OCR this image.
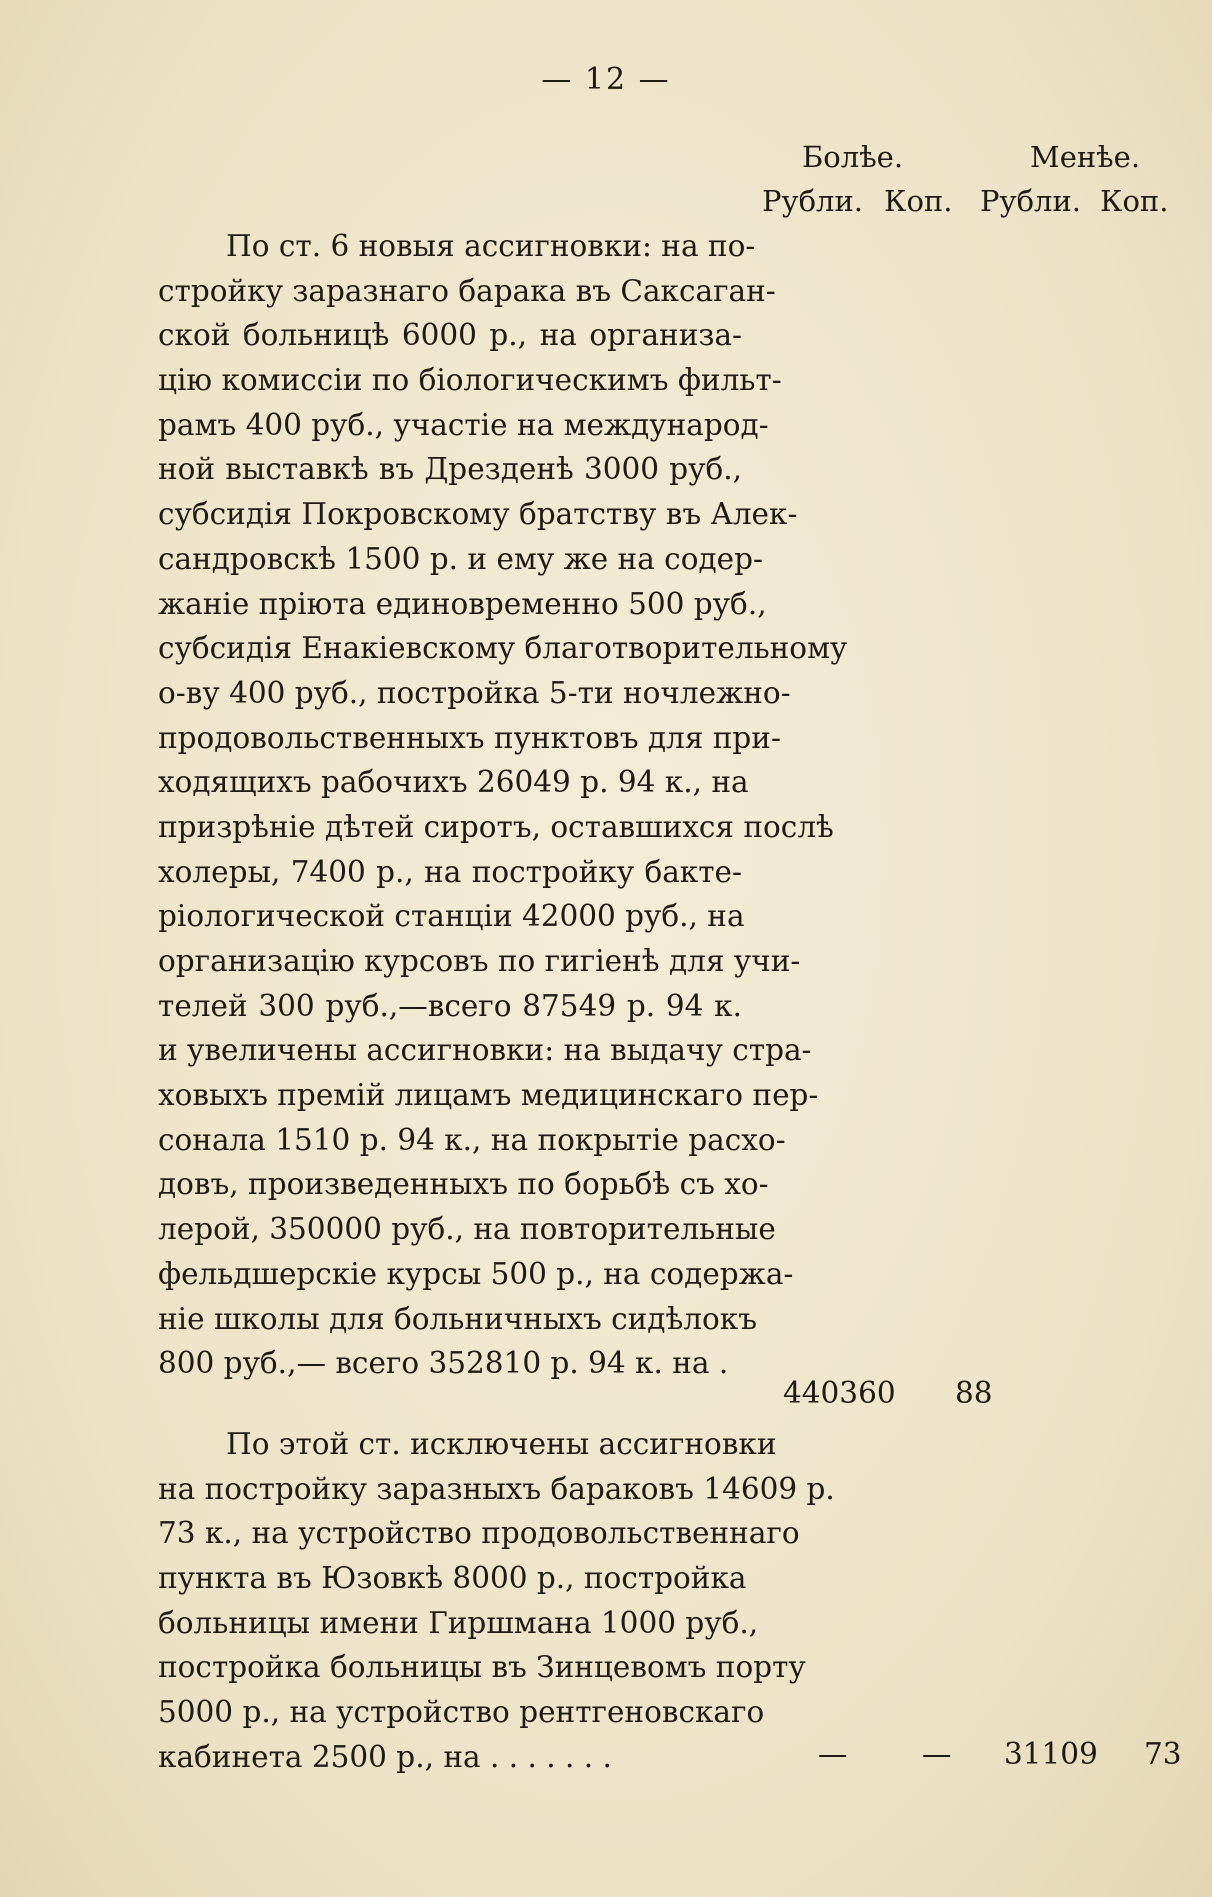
— 12 —
Болѣе.	Менѣе.
Рубли. Коп. Рубли. Коп.
По ст. 6 новыя ассигновки: на по-
стройку заразнаго барака въ Саксаган-
ской больницѣ 6000 р., на организа-
цію комиссіи по біологическимъ фильт-
рамъ 400 руб., участіе на международ-
ной выставкѣ въ Дрезденѣ 3000 руб.,
субсидія Покровскому братству въ Алек-
сандровскѣ 1500 р. и ему же на содер-
жаніе пріюта единовременно 500 руб.,
субсидія Енакіевскому благотворительному
о-ву 400 руб., постройка 5-ти ночлежно-
продовольственныхъ пунктовъ для при-
ходящихъ рабочихъ 26049 р. 94 к., на
призрѣніе дѣтей сиротъ, оставшихся послѣ
холеры, 7400 р., на постройку бакте-
ріологической станціи 42000 руб., на
организацію курсовъ по гигіенѣ для учи-
телей 300 руб.,—всего 87549 р. 94 к.
и увеличены ассигновки: на выдачу стра-
ховыхъ премій лицамъ медицинскаго пер-
сонала 1510 р. 94 к., на покрытіе расхо-
довъ, произведенныхъ по борьбѣ съ хо-
лерой, 350000 руб., на повторительные
фельдшерскіе курсы 500 р., на содержа-
ніе школы для больничныхъ сидѣлокъ
800 руб.,— всего 352810 р. 94 к. на .
440360 88
По этой ст. исключены ассигновки
на постройку заразныхъ бараковъ 14609 р.
73 к., на устройство продовольственнаго
пункта въ Юзовкѣ 8000 р., постройка
больницы имени Гиршмана 1000 руб.,
постройка больницы въ Зинцевомъ порту
5000 р., на устройство рентгеновскаго
кабинета 2500 р., на . . . . . . .	—	— 31109 73
